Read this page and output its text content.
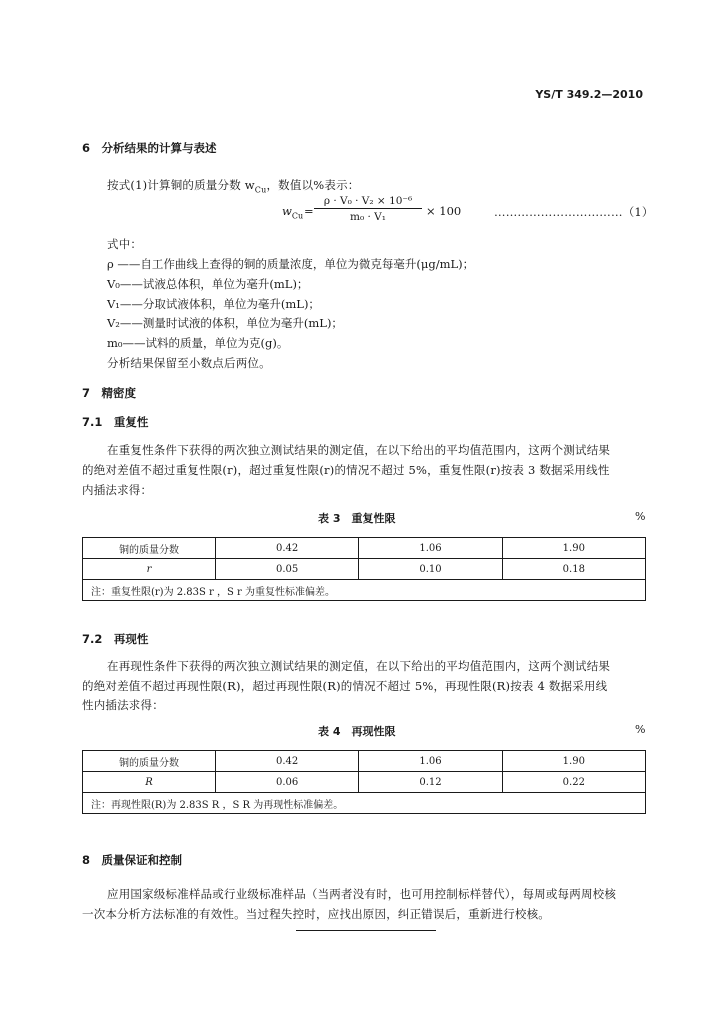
YS/T 349.2—2010
6　分析结果的计算与表述
按式(1)计算铜的质量分数 $w_{Cu}$，数值以%表示：
$w_{Cu} = \frac{\text{ρ · V₀ · V₂ × 10⁻⁶}}{\text{m₀ · V₁}} \times 100$	……………………………（1）
式中：
ρ ——自工作曲线上查得的铜的质量浓度，单位为微克每毫升(μg/mL)；
V₀——试液总体积，单位为毫升(mL)；
V₁——分取试液体积，单位为毫升(mL)；
V₂——测量时试液的体积，单位为毫升(mL)；
m₀——试料的质量，单位为克(g)。
分析结果保留至小数点后两位。
7　精密度
7.1　重复性
在重复性条件下获得的两次独立测试结果的测定值，在以下给出的平均值范围内，这两个测试结果
的绝对差值不超过重复性限(r)，超过重复性限(r)的情况不超过 5%，重复性限(r)按表 3 数据采用线性
内插法求得：
表 3　重复性限	%
铜的质量分数	0.42	1.06	1.90
r	0.05	0.10	0.18
注：重复性限(r)为 2.83S r ，S r 为重复性标准偏差。			
7.2　再现性
在再现性条件下获得的两次独立测试结果的测定值，在以下给出的平均值范围内，这两个测试结果
的绝对差值不超过再现性限(R)，超过再现性限(R)的情况不超过 5%，再现性限(R)按表 4 数据采用线
性内插法求得：
表 4　再现性限	%
铜的质量分数	0.42	1.06	1.90
R	0.06	0.12	0.22
注：再现性限(R)为 2.83S R ，S R 为再现性标准偏差。			
8　质量保证和控制
应用国家级标准样品或行业级标准样品（当两者没有时，也可用控制标样替代），每周或每两周校核
一次本分析方法标准的有效性。当过程失控时，应找出原因，纠正错误后，重新进行校核。
